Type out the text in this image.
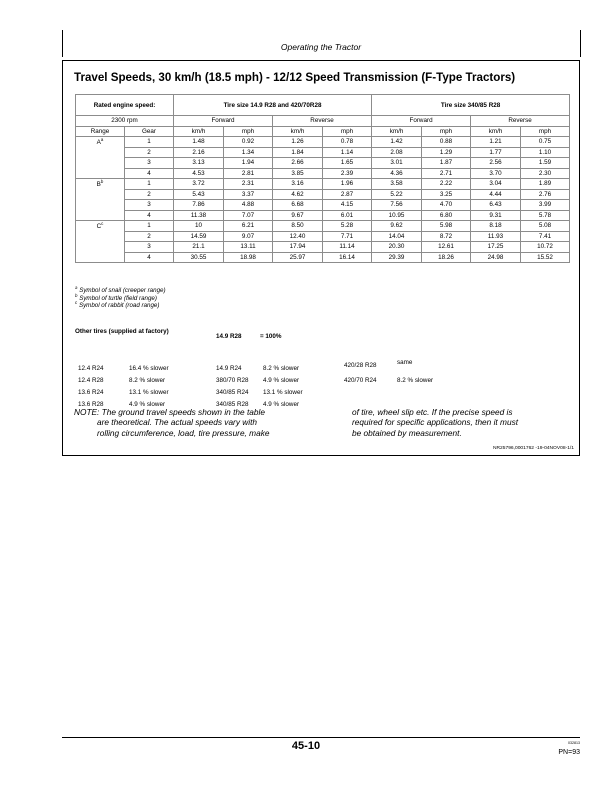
Operating the Tractor
Travel Speeds, 30 km/h (18.5 mph) - 12/12 Speed Transmission (F-Type Tractors)
Rated engine speed:		Tire size 14.9 R28 and 420/70R28				Tire size 340/85 R28			
2300 rpm		Forward		Reverse		Forward		Reverse	
Range	Gear	km/h	mph	km/h	mph	km/h	mph	km/h	mph
$A^a$	1	1.48	0.92	1.26	0.78	1.42	0.88	1.21	0.75
	2	2.16	1.34	1.84	1.14	2.08	1.29	1.77	1.10
	3	3.13	1.94	2.66	1.65	3.01	1.87	2.56	1.59
	4	4.53	2.81	3.85	2.39	4.36	2.71	3.70	2.30
$B^b$	1	3.72	2.31	3.16	1.96	3.58	2.22	3.04	1.89
	2	5.43	3.37	4.62	2.87	5.22	3.25	4.44	2.76
	3	7.86	4.88	6.68	4.15	7.56	4.70	6.43	3.99
	4	11.38	7.07	9.67	6.01	10.95	6.80	9.31	5.78
$C^c$	1	10	6.21	8.50	5.28	9.62	5.98	8.18	5.08
	2	14.59	9.07	12.40	7.71	14.04	8.72	11.93	7.41
	3	21.1	13.11	17.94	11.14	20.30	12.61	17.25	10.72
	4	30.55	18.98	25.97	16.14	29.39	18.26	24.98	15.52
$^a$ Symbol of snail (creeper range)
$^b$ Symbol of turtle (field range)
$^c$ Symbol of rabbit (road range)
Other tires (supplied at factory)
14.9 R28	= 100%
12.4 R24	16.4 % slower
12.4 R28	8.2 % slower
13.6 R24	13.1 % slower
13.6 R28	4.9 % slower
14.9 R24	8.2 % slower
380/70 R28 4.9 % slower
340/85 R24 13.1 % slower
340/85 R28 4.9 % slower
420/28 R28	same
420/70 R24	8.2 % slower
NOTE: The ground travel speeds shown in the table
are theoretical. The actual speeds vary with
rolling circumference, load, tire pressure, make
of tire, wheel slip etc. If the precise speed is
required for specific applications, then it must
be obtained by measurement.
NR25796,0001762 -19-04NOV08-1/1
45-10	032813
PN=93
